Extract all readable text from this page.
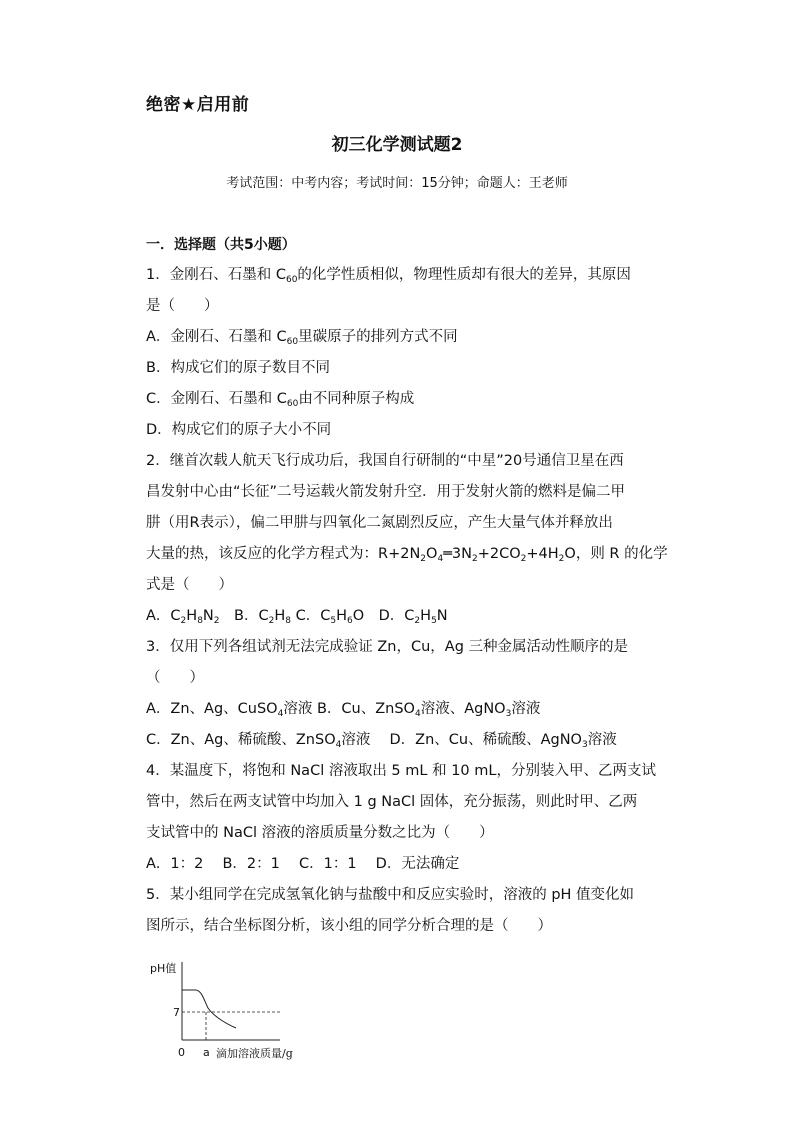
绝密★启用前
初三化学测试题2
考试范围：中考内容；考试时间：15分钟；命题人：王老师
一．选择题（共5小题）
1．金刚石、石墨和 $C_{60}$的化学性质相似，物理性质却有很大的差异，其原因
是（　　）
A．金刚石、石墨和 $C_{60}$里碳原子的排列方式不同
B．构成它们的原子数目不同
C．金刚石、石墨和 $C_{60}$由不同种原子构成
D．构成它们的原子大小不同
2．继首次载人航天飞行成功后，我国自行研制的“中星”20号通信卫星在西
昌发射中心由“长征”二号运载火箭发射升空．用于发射火箭的燃料是偏二甲
肼（用R表示），偏二甲肼与四氧化二氮剧烈反应，产生大量气体并释放出
大量的热，该反应的化学方程式为：$R+2N_2O_4═3N_2+2CO_2+4H_2O$，则 R 的化学
式是（　　）
A．$C_2H_8N_2$　B．$C_2H_8$ C．$C_5H_6O$　D．$C_2H_5N$
3．仅用下列各组试剂无法完成验证 Zn，Cu，Ag 三种金属活动性顺序的是
（　　）
A．Zn、Ag、CuSO$_4$溶液 B．Cu、ZnSO$_4$溶液、AgNO$_3$溶液
C．Zn、Ag、稀硫酸、ZnSO$_4$溶液　 D．Zn、Cu、稀硫酸、AgNO$_3$溶液
4．某温度下，将饱和 NaCl 溶液取出 5 mL 和 10 mL，分别装入甲、乙两支试
管中，然后在两支试管中均加入 1 g NaCl 固体，充分振荡，则此时甲、乙两
支试管中的 NaCl 溶液的溶质质量分数之比为（　　）
A．1：2　 B．2：1　 C．1：1　 D．无法确定
5．某小组同学在完成氢氧化钠与盐酸中和反应实验时，溶液的 pH 值变化如
图所示，结合坐标图分析，该小组的同学分析合理的是（　　）
pH值
7
0 a 滴加溶液质量/g
